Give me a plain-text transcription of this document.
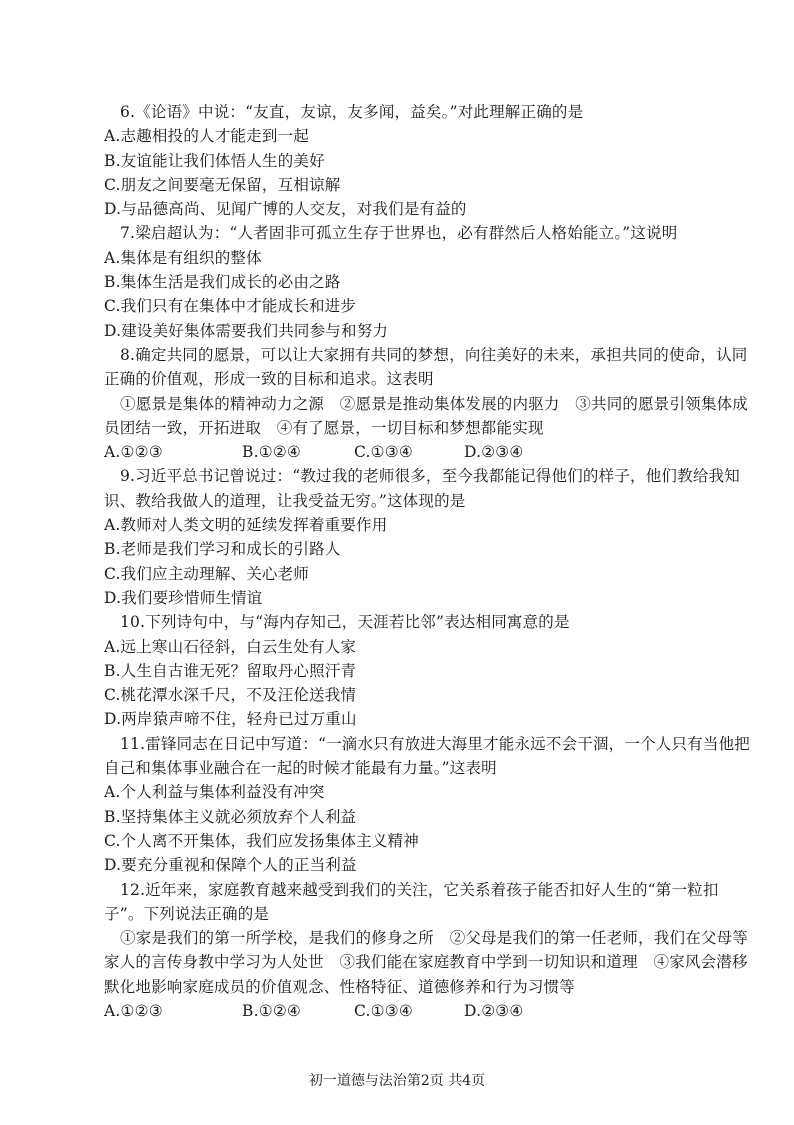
6.《论语》中说：“友直，友谅，友多闻，益矣。”对此理解正确的是
A.志趣相投的人才能走到一起
B.友谊能让我们体悟人生的美好
C.朋友之间要毫无保留，互相谅解
D.与品德高尚、见闻广博的人交友，对我们是有益的
7.梁启超认为：“人者固非可孤立生存于世界也，必有群然后人格始能立。”这说明
A.集体是有组织的整体
B.集体生活是我们成长的必由之路
C.我们只有在集体中才能成长和进步
D.建设美好集体需要我们共同参与和努力
8.确定共同的愿景，可以让大家拥有共同的梦想，向往美好的未来，承担共同的使命，认同正确的价值观，形成一致的目标和追求。这表明
①愿景是集体的精神动力之源　②愿景是推动集体发展的内驱力　③共同的愿景引领集体成员团结一致，开拓进取　④有了愿景，一切目标和梦想都能实现
A.①②③	B.①②④	C.①③④	D.②③④
9.习近平总书记曾说过：“教过我的老师很多，至今我都能记得他们的样子，他们教给我知识、教给我做人的道理，让我受益无穷。”这体现的是
A.教师对人类文明的延续发挥着重要作用
B.老师是我们学习和成长的引路人
C.我们应主动理解、关心老师
D.我们要珍惜师生情谊
10.下列诗句中，与“海内存知己，天涯若比邻”表达相同寓意的是
A.远上寒山石径斜，白云生处有人家
B.人生自古谁无死？留取丹心照汗青
C.桃花潭水深千尺，不及汪伦送我情
D.两岸猿声啼不住，轻舟已过万重山
11.雷锋同志在日记中写道：“一滴水只有放进大海里才能永远不会干涸，一个人只有当他把自己和集体事业融合在一起的时候才能最有力量。”这表明
A.个人利益与集体利益没有冲突
B.坚持集体主义就必须放弃个人利益
C.个人离不开集体，我们应发扬集体主义精神
D.要充分重视和保障个人的正当利益
12.近年来，家庭教育越来越受到我们的关注，它关系着孩子能否扣好人生的“第一粒扣子”。下列说法正确的是
①家是我们的第一所学校，是我们的修身之所　②父母是我们的第一任老师，我们在父母等家人的言传身教中学习为人处世　③我们能在家庭教育中学到一切知识和道理　④家风会潜移默化地影响家庭成员的价值观念、性格特征、道德修养和行为习惯等
A.①②③	B.①②④	C.①③④	D.②③④
初一道德与法治第2页 共4页
